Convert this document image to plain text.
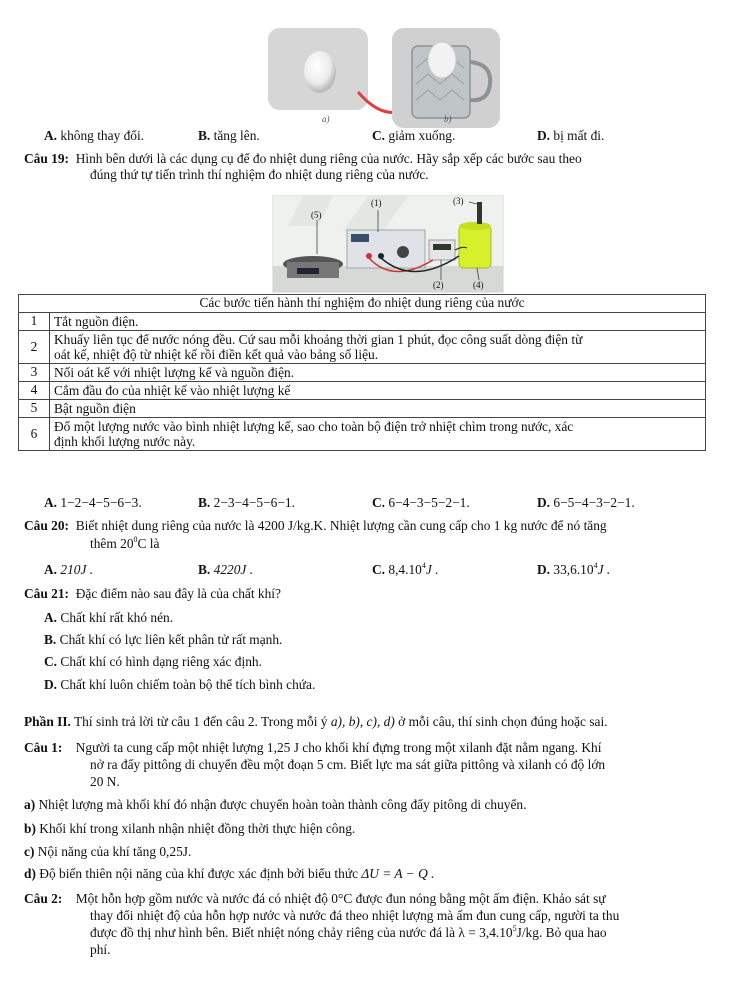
a)	b)
A. không thay đổi.	B. tăng lên.	C. giảm xuống.	D. bị mất đi.
Câu 19: Hình bên dưới là các dụng cụ để đo nhiệt dung riêng của nước. Hãy sắp xếp các bước sau theo
đúng thứ tự tiến trình thí nghiệm đo nhiệt dung riêng của nước.
(1)
(2)
(3)
(4)
(5)
Các bước tiến hành thí nghiệm đo nhiệt dung riêng của nước	
1	Tắt nguồn điện.
2	Khuấy liên tục để nước nóng đều. Cứ sau mỗi khoảng thời gian 1 phút, đọc công suất dòng điện từ
oát kế, nhiệt độ từ nhiệt kế rồi điền kết quả vào bảng số liệu.

3	Nối oát kế với nhiệt lượng kế và nguồn điện.
4	Cắm đầu đo của nhiệt kế vào nhiệt lượng kế
5	Bật nguồn điện
6	Đổ một lượng nước vào bình nhiệt lượng kế, sao cho toàn bộ điện trở nhiệt chìm trong nước, xác
định khối lượng nước này.
A. 1−2−4−5−6−3.	B. 2−3−4−5−6−1.	C. 6−4−3−5−2−1.	D. 6−5−4−3−2−1.
Câu 20: Biết nhiệt dung riêng của nước là 4200 J/kg.K. Nhiệt lượng cần cung cấp cho 1 kg nước để nó tăng
thêm $20^0C$ là
A. 210J .	B. 4220J .	C. 8,4.10$^4$J .	D. 33,6.10$^4$J .
Câu 21: Đặc điểm nào sau đây là của chất khí?
A. Chất khí rất khó nén.
B. Chất khí có lực liên kết phân tử rất mạnh.
C. Chất khí có hình dạng riêng xác định.
D. Chất khí luôn chiếm toàn bộ thể tích bình chứa.
Phần II. Thí sinh trả lời từ câu 1 đến câu 2. Trong mỗi ý a), b), c), d) ở mỗi câu, thí sinh chọn đúng hoặc sai.
Câu 1: Người ta cung cấp một nhiệt lượng 1,25 J cho khối khí đựng trong một xilanh đặt nằm ngang. Khí
nở ra đẩy pittông di chuyển đều một đoạn 5 cm. Biết lực ma sát giữa pittông và xilanh có độ lớn
20 N.
a) Nhiệt lượng mà khối khí đó nhận được chuyển hoàn toàn thành công đẩy pitông di chuyển.
b) Khối khí trong xilanh nhận nhiệt đồng thời thực hiện công.
c) Nội năng của khí tăng 0,25J.
d) Độ biến thiên nội năng của khí được xác định bởi biểu thức ΔU = A − Q .
Câu 2: Một hỗn hợp gồm nước và nước đá có nhiệt độ 0°C được đun nóng bằng một ấm điện. Khảo sát sự
thay đổi nhiệt độ của hỗn hợp nước và nước đá theo nhiệt lượng mà ấm đun cung cấp, người ta thu
được đồ thị như hình bên. Biết nhiệt nóng chảy riêng của nước đá là $\lambda = 3,4.10^5J/kg$. Bỏ qua hao
phí.
